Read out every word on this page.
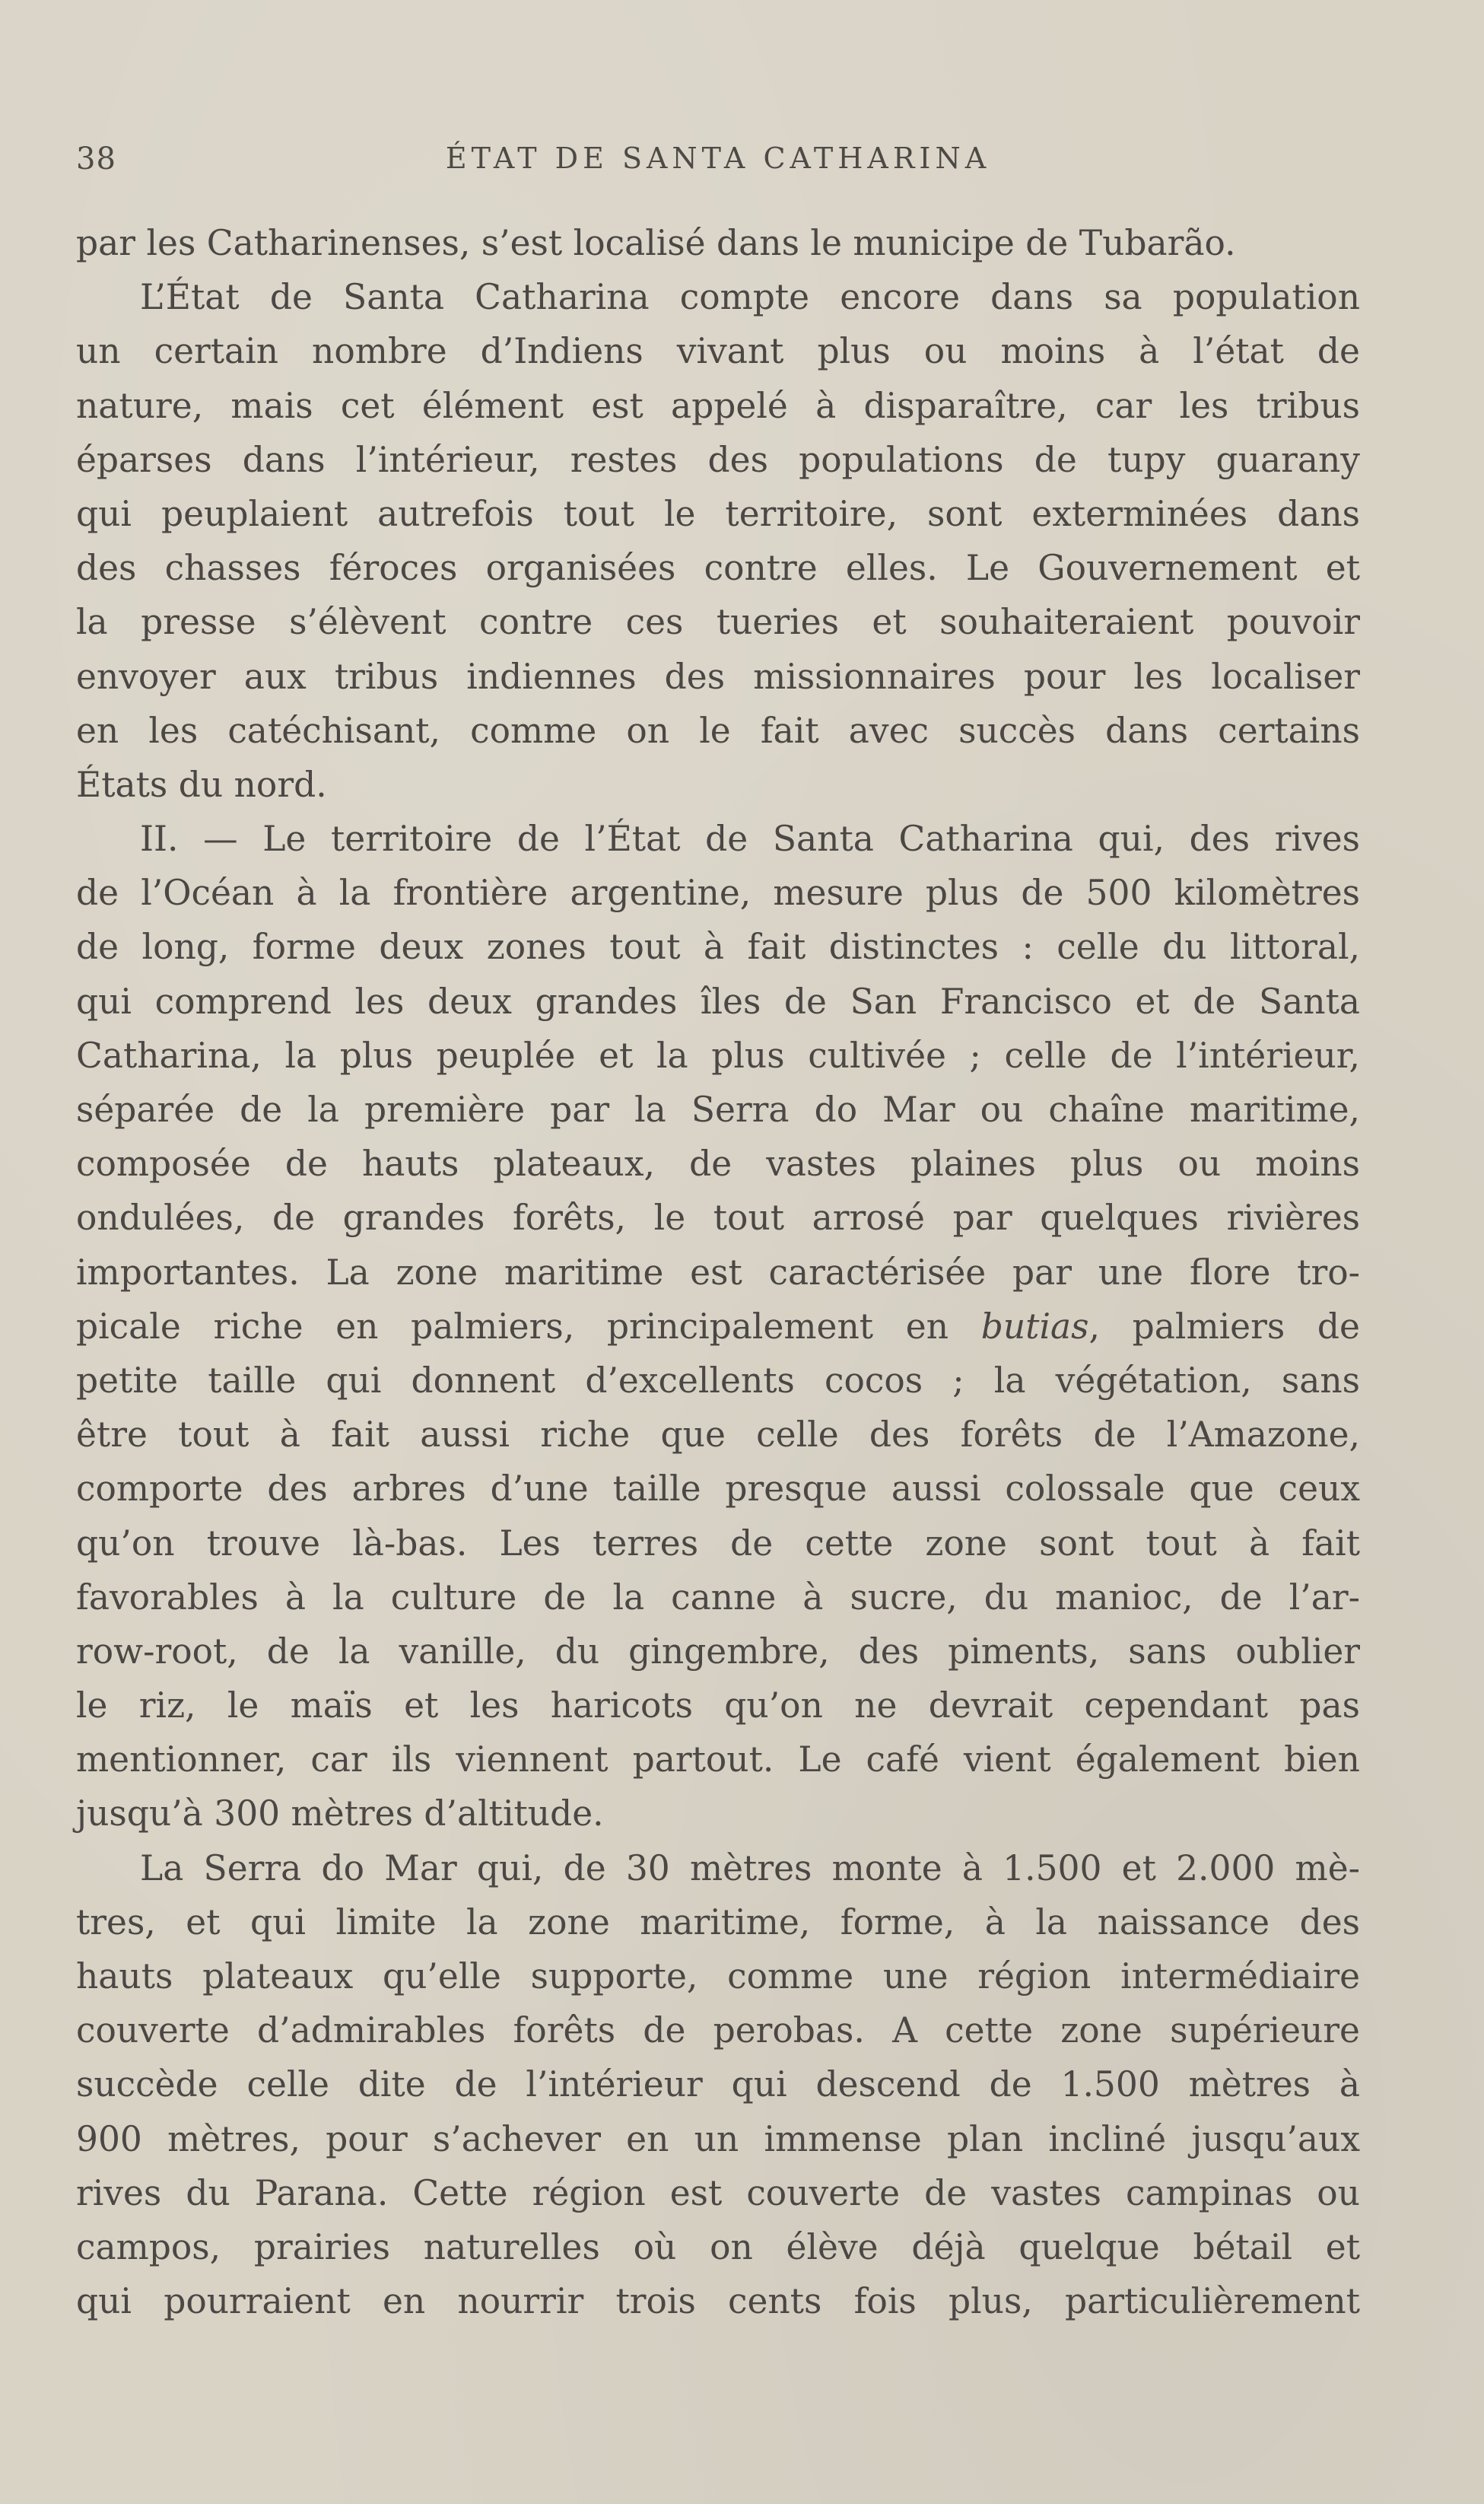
38	ÉTAT DE SANTA CATHARINA
par les Catharinenses, s’est localisé dans le municipe de Tubarão.
L’État de Santa Catharina compte encore dans sa population
un certain nombre d’Indiens vivant plus ou moins à l’état de
nature, mais cet élément est appelé à disparaître, car les tribus
éparses dans l’intérieur, restes des populations de tupy guarany
qui peuplaient autrefois tout le territoire, sont exterminées dans
des chasses féroces organisées contre elles. Le Gouvernement et
la presse s’élèvent contre ces tueries et souhaiteraient pouvoir
envoyer aux tribus indiennes des missionnaires pour les localiser
en les catéchisant, comme on le fait avec succès dans certains
États du nord.
II. — Le territoire de l’État de Santa Catharina qui, des rives
de l’Océan à la frontière argentine, mesure plus de 500 kilomètres
de long, forme deux zones tout à fait distinctes : celle du littoral,
qui comprend les deux grandes îles de San Francisco et de Santa
Catharina, la plus peuplée et la plus cultivée ; celle de l’intérieur,
séparée de la première par la Serra do Mar ou chaîne maritime,
composée de hauts plateaux, de vastes plaines plus ou moins
ondulées, de grandes forêts, le tout arrosé par quelques rivières
importantes. La zone maritime est caractérisée par une flore tro-
picale riche en palmiers, principalement en butias, palmiers de
petite taille qui donnent d’excellents cocos ; la végétation, sans
être tout à fait aussi riche que celle des forêts de l’Amazone,
comporte des arbres d’une taille presque aussi colossale que ceux
qu’on trouve là-bas. Les terres de cette zone sont tout à fait
favorables à la culture de la canne à sucre, du manioc, de l’ar-
row-root, de la vanille, du gingembre, des piments, sans oublier
le riz, le maïs et les haricots qu’on ne devrait cependant pas
mentionner, car ils viennent partout. Le café vient également bien
jusqu’à 300 mètres d’altitude.
La Serra do Mar qui, de 30 mètres monte à 1.500 et 2.000 mè-
tres, et qui limite la zone maritime, forme, à la naissance des
hauts plateaux qu’elle supporte, comme une région intermédiaire
couverte d’admirables forêts de perobas. A cette zone supérieure
succède celle dite de l’intérieur qui descend de 1.500 mètres à
900 mètres, pour s’achever en un immense plan incliné jusqu’aux
rives du Parana. Cette région est couverte de vastes campinas ou
campos, prairies naturelles où on élève déjà quelque bétail et
qui pourraient en nourrir trois cents fois plus, particulièrement
